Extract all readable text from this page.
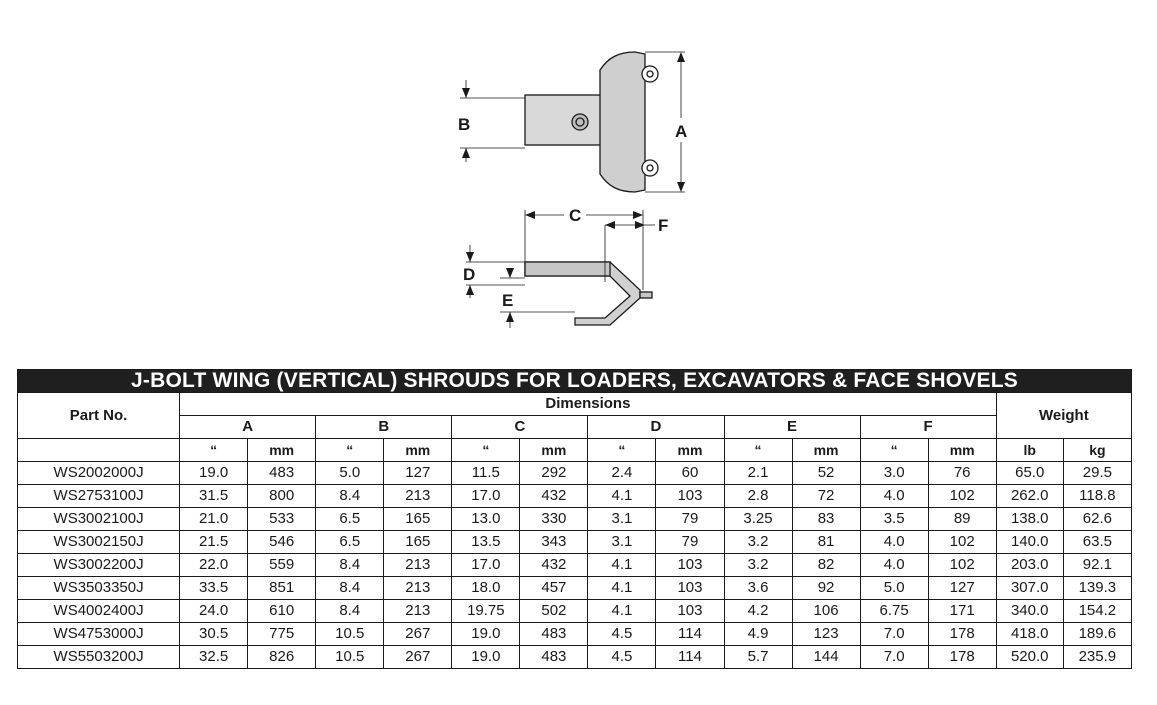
A
B
C
F
D
E
J-BOLT WING (VERTICAL) SHROUDS FOR LOADERS, EXCAVATORS & FACE SHOVELS														
Part No.	Dimensions												Weight	
	A		B		C		D		E		F			
	“	mm	“	mm	“	mm	“	mm	“	mm	“	mm	lb	kg
WS2002000J	19.0	483	5.0	127	11.5	292	2.4	60	2.1	52	3.0	76	65.0	29.5
WS2753100J	31.5	800	8.4	213	17.0	432	4.1	103	2.8	72	4.0	102	262.0	118.8
WS3002100J	21.0	533	6.5	165	13.0	330	3.1	79	3.25	83	3.5	89	138.0	62.6
WS3002150J	21.5	546	6.5	165	13.5	343	3.1	79	3.2	81	4.0	102	140.0	63.5
WS3002200J	22.0	559	8.4	213	17.0	432	4.1	103	3.2	82	4.0	102	203.0	92.1
WS3503350J	33.5	851	8.4	213	18.0	457	4.1	103	3.6	92	5.0	127	307.0	139.3
WS4002400J	24.0	610	8.4	213	19.75	502	4.1	103	4.2	106	6.75	171	340.0	154.2
WS4753000J	30.5	775	10.5	267	19.0	483	4.5	114	4.9	123	7.0	178	418.0	189.6
WS5503200J	32.5	826	10.5	267	19.0	483	4.5	114	5.7	144	7.0	178	520.0	235.9
